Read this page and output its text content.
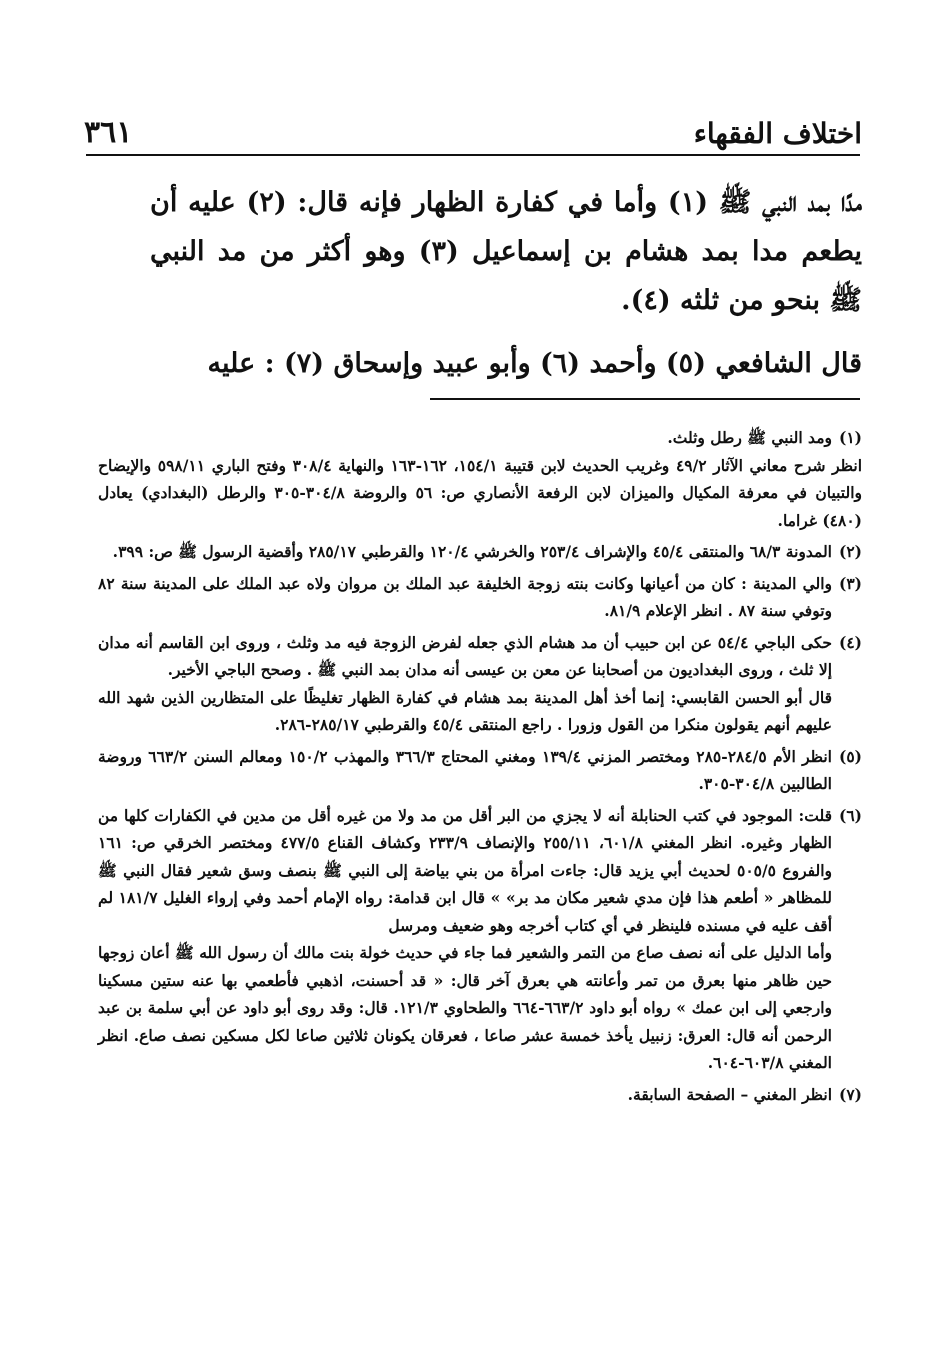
اختلاف الفقهاء
٣٦١

مدًا بمد النبي ﷺ (١) وأما في كفارة الظهار فإنه قال: (٢) عليه أن يطعم مدا بمد هشام بن إسماعيل (٣) وهو أكثر من مد النبي ﷺ بنحو من ثلثه (٤).

قال الشافعي (٥) وأحمد (٦) وأبو عبيد وإسحاق (٧) : عليه
(١)

ومد النبي ﷺ رطل وثلث.

انظر شرح معاني الآثار ٤٩/٢ وغريب الحديث لابن قتيبة ١٥٤/١، ١٦٢-١٦٣ والنهاية ٣٠٨/٤ وفتح الباري ٥٩٨/١١ والإيضاح والتبيان في معرفة المكيال والميزان لابن الرفعة الأنصاري ص: ٥٦ والروضة ٣٠٤/٨-٣٠٥ والرطل (البغدادي) يعادل (٤٨٠) غراما.

(٢)

المدونة ٦٨/٣ والمنتقى ٤٥/٤ والإشراف ٢٥٣/٤ والخرشي ١٢٠/٤ والقرطبي ٢٨٥/١٧ وأقضية الرسول ﷺ ص: ٣٩٩.

(٣)

والي المدينة : كان من أعيانها وكانت بنته زوجة الخليفة عبد الملك بن مروان ولاه عبد الملك على المدينة سنة ٨٢ وتوفي سنة ٨٧ . انظر الإعلام ٨١/٩.

(٤)

حكى الباجي ٥٤/٤ عن ابن حبيب أن مد هشام الذي جعله لفرض الزوجة فيه مد وثلث ، وروى ابن القاسم أنه مدان إلا ثلث ، وروى البغداديون من أصحابنا عن معن بن عيسى أنه مدان بمد النبي ﷺ . وصحح الباجي الأخير.

قال أبو الحسن القابسي: إنما أخذ أهل المدينة بمد هشام في كفارة الظهار تغليظًا على المتظارين الذين شهد الله عليهم أنهم يقولون منكرا من القول وزورا . راجع المنتقى ٤٥/٤ والقرطبي ٢٨٥/١٧-٢٨٦.

(٥)

انظر الأم ٢٨٤/٥-٢٨٥ ومختصر المزني ١٣٩/٤ ومغني المحتاج ٣٦٦/٣ والمهذب ١٥٠/٢ ومعالم السنن ٦٦٣/٢ وروضة الطالبين ٣٠٤/٨-٣٠٥.

(٦)

قلت: الموجود في كتب الحنابلة أنه لا يجزي من البر أقل من مد ولا من غيره أقل من مدين في الكفارات كلها من الظهار وغيره. انظر المغني ٦٠١/٨، ٢٥٥/١١ والإنصاف ٢٣٣/٩ وكشاف القناع ٤٧٧/٥ ومختصر الخرقي ص: ١٦١ والفروع ٥٠٥/٥ لحديث أبي يزيد قال: جاءت امرأة من بني بياضة إلى النبي ﷺ بنصف وسق شعير فقال النبي ﷺ للمظاهر « أطعم هذا فإن مدي شعير مكان مد بر» » قال ابن قدامة: رواه الإمام أحمد وفي إرواء الغليل ١٨١/٧ لم أقف عليه في مسنده فلينظر في أي كتاب أخرجه وهو ضعيف ومرسل

وأما الدليل على أنه نصف صاع من التمر والشعير فما جاء في حديث خولة بنت مالك أن رسول الله ﷺ أعان زوجها حين ظاهر منها بعرق من تمر وأعانته هي بعرق آخر قال: « قد أحسنت، اذهبي فأطعمي بها عنه ستين مسكينا وارجعي إلى ابن عمك » رواه أبو داود ٦٦٣/٢-٦٦٤ والطحاوي ١٢١/٣. قال: وقد روى أبو داود عن أبي سلمة بن عبد الرحمن أنه قال: العرق: زنبيل يأخذ خمسة عشر صاعا ، فعرقان يكونان ثلاثين صاعا لكل مسكين نصف صاع. انظر المغني ٦٠٣/٨-٦٠٤.

(٧)

انظر المغني – الصفحة السابقة.
